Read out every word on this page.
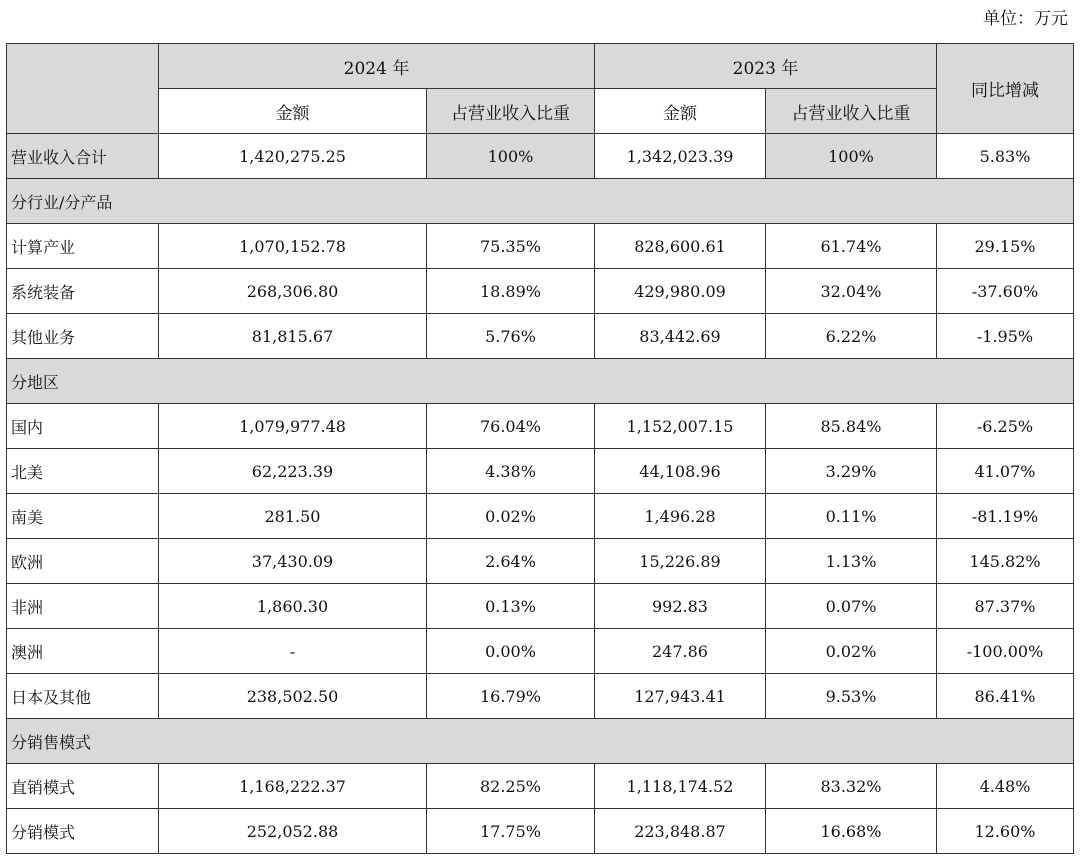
单位：万元
	2024 年		2023 年		同比增减
	金额	占营业收入比重	金额	占营业收入比重	
营业收入合计	1,420,275.25	100%	1,342,023.39	100%	5.83%
分行业/分产品					
计算产业	1,070,152.78	75.35%	828,600.61	61.74%	29.15%
系统装备	268,306.80	18.89%	429,980.09	32.04%	-37.60%
其他业务	81,815.67	5.76%	83,442.69	6.22%	-1.95%
分地区					
国内	1,079,977.48	76.04%	1,152,007.15	85.84%	-6.25%
北美	62,223.39	4.38%	44,108.96	3.29%	41.07%
南美	281.50	0.02%	1,496.28	0.11%	-81.19%
欧洲	37,430.09	2.64%	15,226.89	1.13%	145.82%
非洲	1,860.30	0.13%	992.83	0.07%	87.37%
澳洲	-	0.00%	247.86	0.02%	-100.00%
日本及其他	238,502.50	16.79%	127,943.41	9.53%	86.41%
分销售模式					
直销模式	1,168,222.37	82.25%	1,118,174.52	83.32%	4.48%
分销模式	252,052.88	17.75%	223,848.87	16.68%	12.60%
